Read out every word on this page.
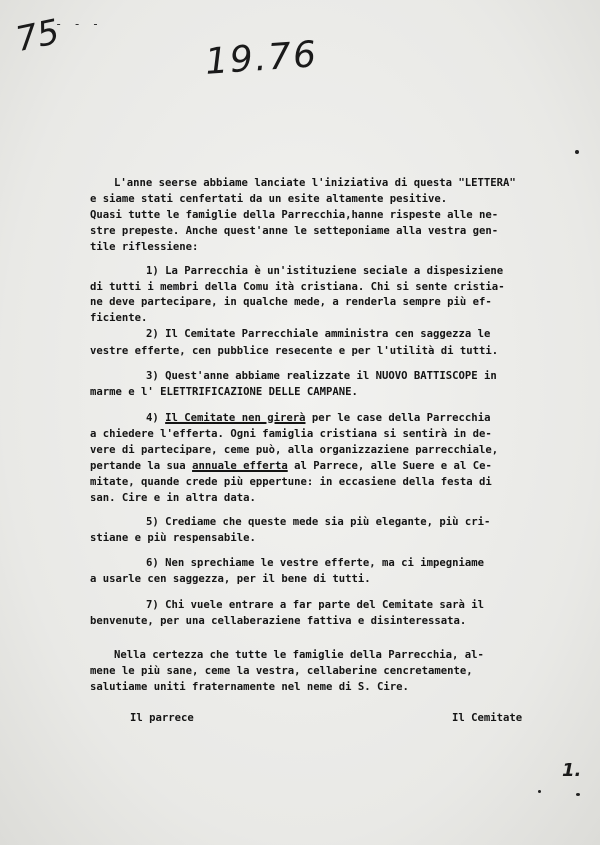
75
- - -
19.76
L'anne seerse abbiame lanciate l'iniziativa di questa "LETTERA"
e siame stati cenfertati da un esite altamente pesitive.
Quasi tutte le famiglie della Parrecchia,hanne rispeste alle ne-
stre prepeste. Anche quest'anne le setteponiame alla vestra gen-
tile riflessiene:
1) La Parrecchia è un'istituziene seciale a dispesiziene
di tutti i membri della Comu ità cristiana. Chi si sente cristia-
ne deve partecipare, in qualche mede, a renderla sempre più ef-
ficiente.
2) Il Cemitate Parrecchiale amministra cen saggezza le
vestre efferte, cen pubblice resecente e per l'utilità di tutti.
3) Quest'anne abbiame realizzate il NUOVO BATTISCOPE in
marme e l' ELETTRIFICAZIONE DELLE CAMPANE.
4) Il Cemitate nen girerà per le case della Parrecchia
a chiedere l'efferta. Ogni famiglia cristiana si sentirà in de-
vere di partecipare, ceme può, alla organizzaziene parrecchiale,
pertande la sua annuale efferta al Parrece, alle Suere e al Ce-
mitate, quande crede più eppertune: in eccasiene della festa di
san. Cire e in altra data.
5) Crediame che queste mede sia più elegante, più cri-
stiane e più respensabile.
6) Nen sprechiame le vestre efferte, ma ci impegniame
a usarle cen saggezza, per il bene di tutti.
7) Chi vuele entrare a far parte del Cemitate sarà il
benvenute, per una cellaberaziene fattiva e disinteressata.
Nella certezza che tutte le famiglie della Parrecchia, al-
mene le più sane, ceme la vestra, cellaberine cencretamente,
salutiame uniti fraternamente nel neme di S. Cire.
Il parrece	Il Cemitate
1.
